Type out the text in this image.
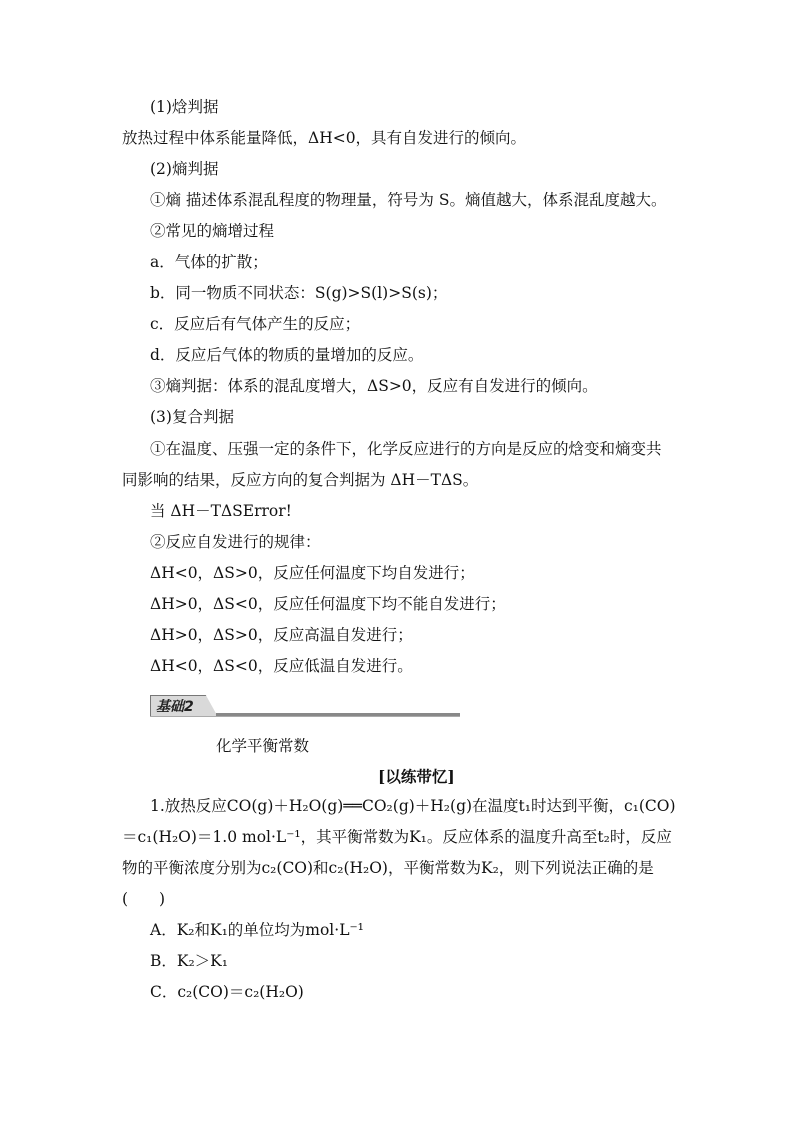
(1)焓判据
放热过程中体系能量降低，ΔH<0，具有自发进行的倾向。
(2)熵判据
①熵 描述体系混乱程度的物理量，符号为 S。熵值越大，体系混乱度越大。
②常见的熵增过程
a．气体的扩散；
b．同一物质不同状态：S(g)>S(l)>S(s)；
c．反应后有气体产生的反应；
d．反应后气体的物质的量增加的反应。
③熵判据：体系的混乱度增大，ΔS>0，反应有自发进行的倾向。
(3)复合判据
①在温度、压强一定的条件下，化学反应进行的方向是反应的焓变和熵变共
同影响的结果，反应方向的复合判据为 ΔH－TΔS。
当 ΔH－TΔSError!
②反应自发进行的规律：
ΔH<0，ΔS>0，反应任何温度下均自发进行；
ΔH>0，ΔS<0，反应任何温度下均不能自发进行；
ΔH>0，ΔS>0，反应高温自发进行；
ΔH<0，ΔS<0，反应低温自发进行。
基础2
化学平衡常数
[以练带忆]
1.放热反应CO(g)＋H₂O(g)══CO₂(g)＋H₂(g)在温度t₁时达到平衡，c₁(CO)
＝c₁(H₂O)＝1.0 mol·L⁻¹，其平衡常数为K₁。反应体系的温度升高至t₂时，反应
物的平衡浓度分别为c₂(CO)和c₂(H₂O)，平衡常数为K₂，则下列说法正确的是
(　　)
A．K₂和K₁的单位均为mol·L⁻¹
B．K₂＞K₁
C．c₂(CO)＝c₂(H₂O)
